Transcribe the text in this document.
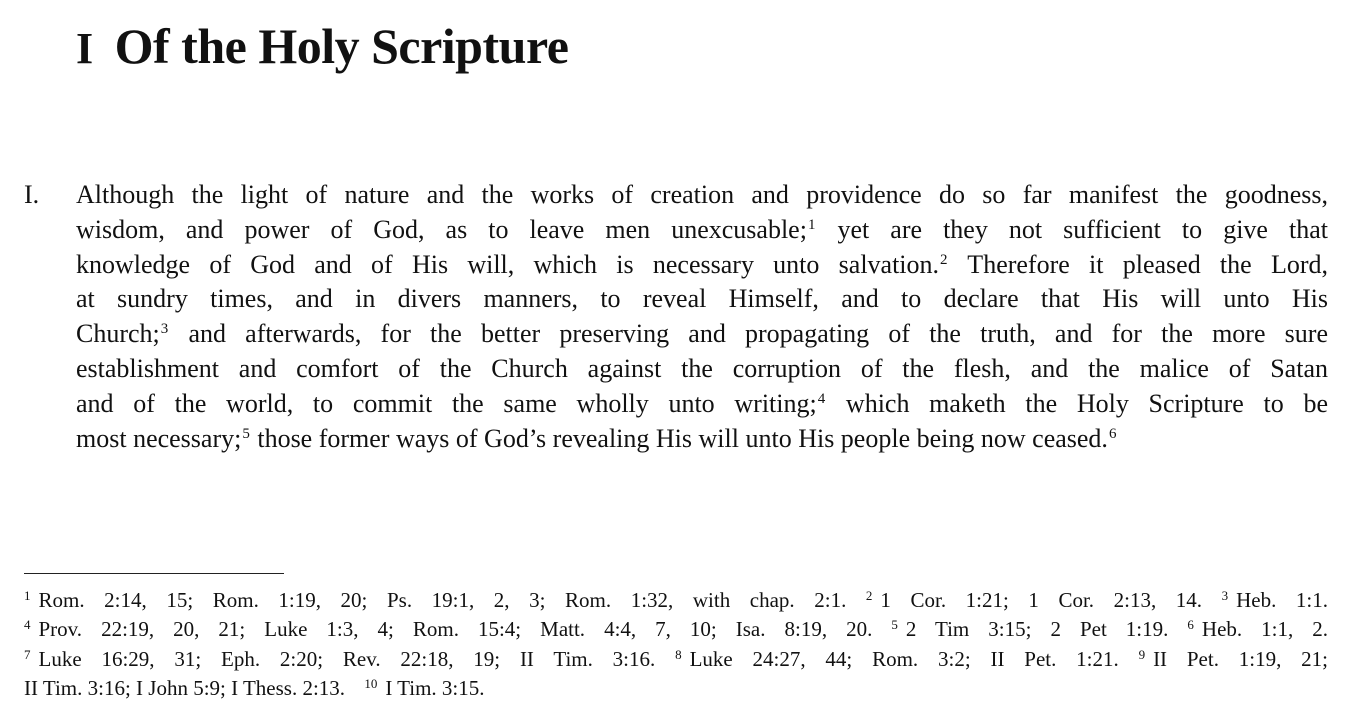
I Of the Holy Scripture
I. Although the light of nature and the works of creation and providence do so far manifest the goodness,
wisdom, and power of God, as to leave men unexcusable;$^1$ yet are they not sufficient to give that
knowledge of God and of His will, which is necessary unto salvation.$^2$ Therefore it pleased the Lord,
at sundry times, and in divers manners, to reveal Himself, and to declare that His will unto His
Church;$^3$ and afterwards, for the better preserving and propagating of the truth, and for the more sure
establishment and comfort of the Church against the corruption of the flesh, and the malice of Satan
and of the world, to commit the same wholly unto writing;$^4$ which maketh the Holy Scripture to be
most necessary;$^5$ those former ways of God’s revealing His will unto His people being now ceased.$^6$
$^1$ Rom. 2:14, 15; Rom. 1:19, 20; Ps. 19:1, 2, 3; Rom. 1:32, with chap. 2:1. $^2$ 1 Cor. 1:21; 1 Cor. 2:13, 14. $^3$ Heb. 1:1.
$^4$ Prov. 22:19, 20, 21; Luke 1:3, 4; Rom. 15:4; Matt. 4:4, 7, 10; Isa. 8:19, 20. $^5$ 2 Tim 3:15; 2 Pet 1:19. $^6$ Heb. 1:1, 2.
$^7$ Luke 16:29, 31; Eph. 2:20; Rev. 22:18, 19; II Tim. 3:16. $^8$ Luke 24:27, 44; Rom. 3:2; II Pet. 1:21. $^9$ II Pet. 1:19, 21;
II Tim. 3:16; I John 5:9; I Thess. 2:13. $^{10}$ I Tim. 3:15.
